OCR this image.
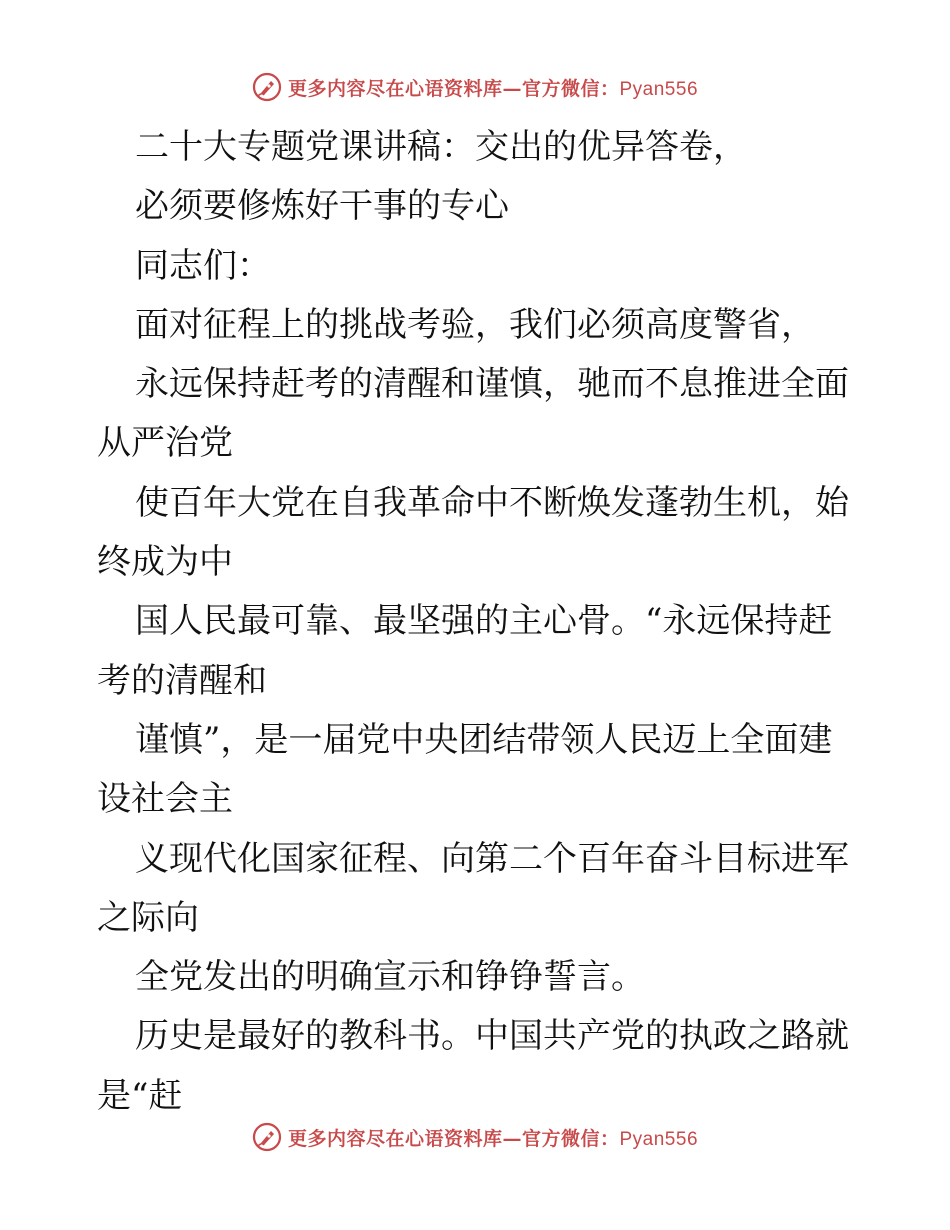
更多内容尽在心语资料库—官方微信：Pyan556

二十大专题党课讲稿：交出的优异答卷，

必须要修炼好干事的专心

同志们：

面对征程上的挑战考验，我们必须高度警省，

永远保持赶考的清醒和谨慎，驰而不息推进全面

从严治党

使百年大党在自我革命中不断焕发蓬勃生机，始

终成为中

国人民最可靠、最坚强的主心骨。“永远保持赶

考的清醒和

谨慎”，是一届党中央团结带领人民迈上全面建

设社会主

义现代化国家征程、向第二个百年奋斗目标进军

之际向

全党发出的明确宣示和铮铮誓言。

历史是最好的教科书。中国共产党的执政之路就

是“赶

更多内容尽在心语资料库—官方微信：Pyan556
